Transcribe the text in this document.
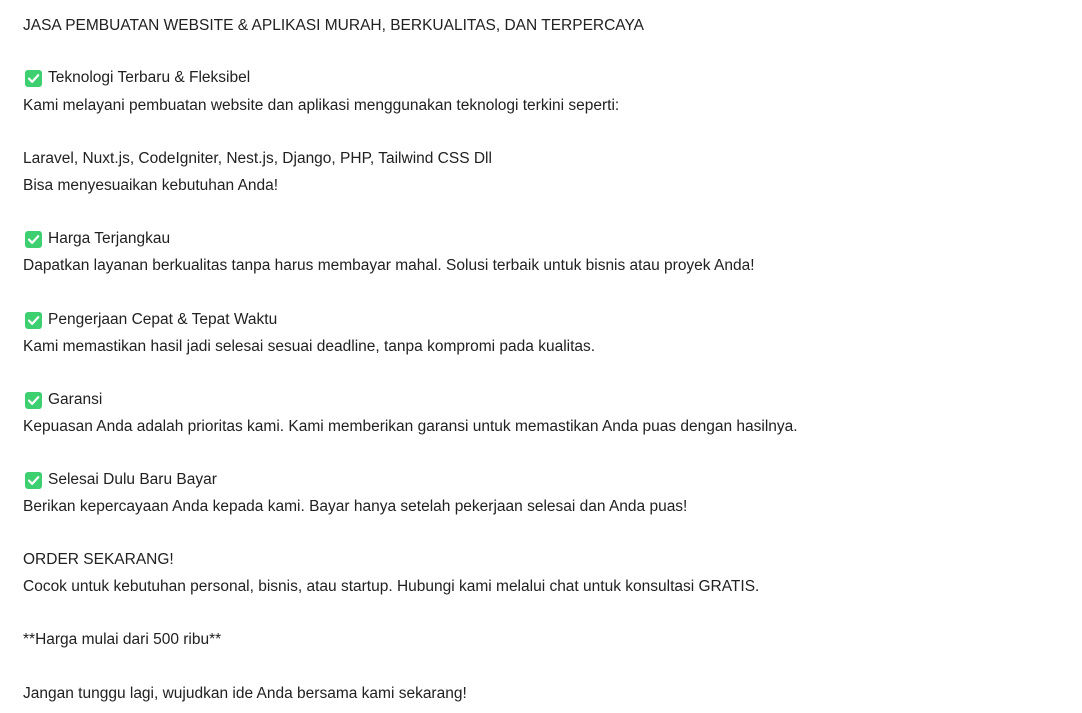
JASA PEMBUATAN WEBSITE & APLIKASI MURAH, BERKUALITAS, DAN TERPERCAYA
Teknologi Terbaru & Fleksibel
Kami melayani pembuatan website dan aplikasi menggunakan teknologi terkini seperti:
Laravel, Nuxt.js, CodeIgniter, Nest.js, Django, PHP, Tailwind CSS Dll
Bisa menyesuaikan kebutuhan Anda!
Harga Terjangkau
Dapatkan layanan berkualitas tanpa harus membayar mahal. Solusi terbaik untuk bisnis atau proyek Anda!
Pengerjaan Cepat & Tepat Waktu
Kami memastikan hasil jadi selesai sesuai deadline, tanpa kompromi pada kualitas.
Garansi
Kepuasan Anda adalah prioritas kami. Kami memberikan garansi untuk memastikan Anda puas dengan hasilnya.
Selesai Dulu Baru Bayar
Berikan kepercayaan Anda kepada kami. Bayar hanya setelah pekerjaan selesai dan Anda puas!
ORDER SEKARANG!
Cocok untuk kebutuhan personal, bisnis, atau startup. Hubungi kami melalui chat untuk konsultasi GRATIS.
**Harga mulai dari 500 ribu**
Jangan tunggu lagi, wujudkan ide Anda bersama kami sekarang!
